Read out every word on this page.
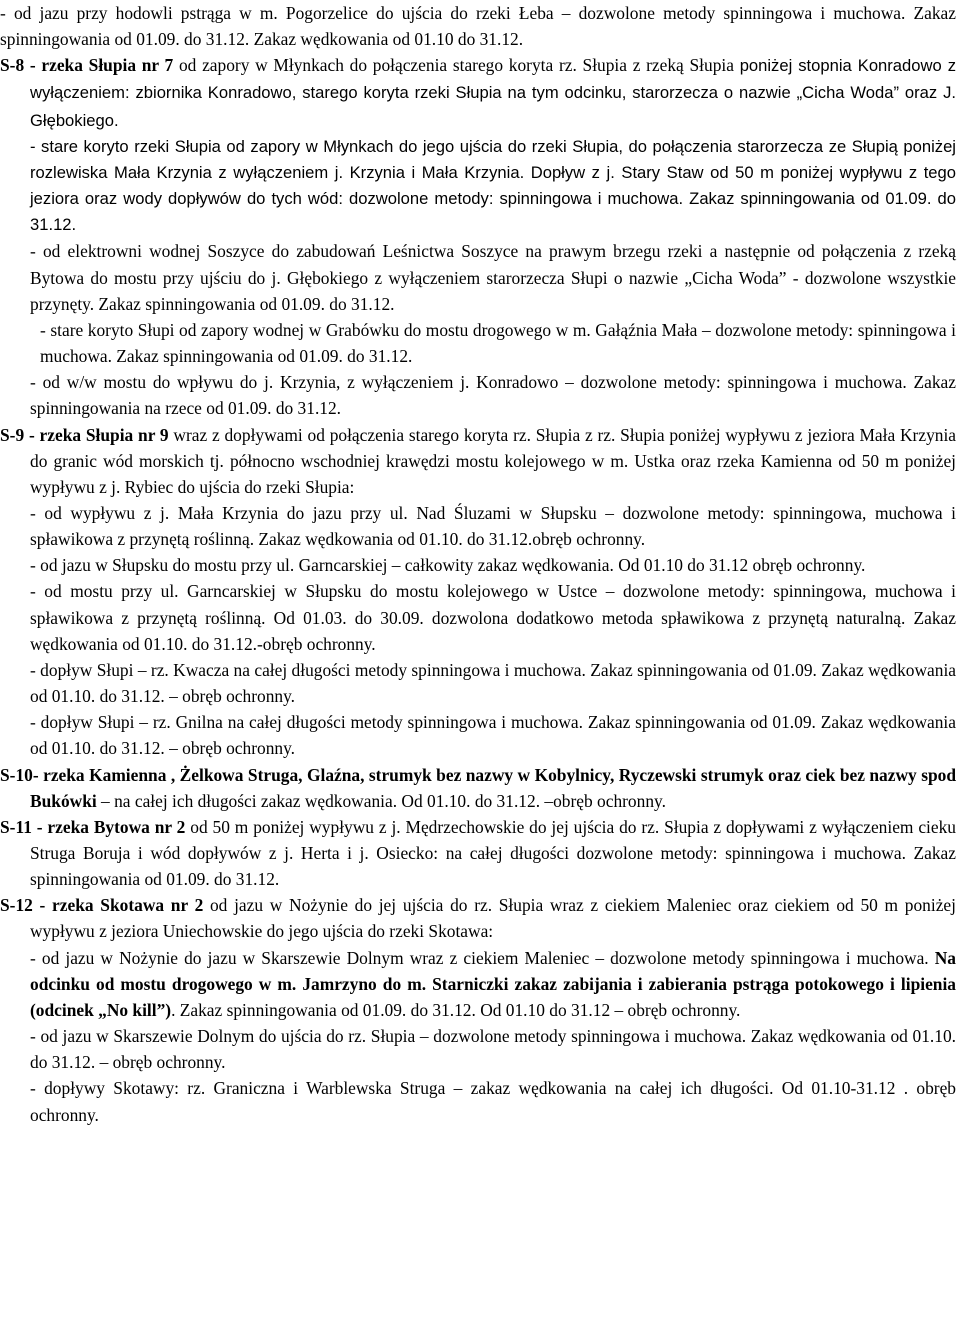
- od jazu przy hodowli pstrąga w m. Pogorzelice do ujścia do rzeki Łeba – dozwolone metody spinningowa i muchowa. Zakaz spinningowania od 01.09. do 31.12. Zakaz wędkowania od 01.10 do 31.12.

S-8 - rzeka Słupia nr 7 od zapory w Młynkach do połączenia starego koryta rz. Słupia z rzeką Słupia poniżej stopnia Konradowo z wyłączeniem: zbiornika Konradowo, starego koryta rzeki Słupia na tym odcinku, starorzecza o nazwie „Cicha Woda” oraz J. Głębokiego.

- stare koryto rzeki Słupia od zapory w Młynkach do jego ujścia do rzeki Słupia, do połączenia starorzecza ze Słupią poniżej rozlewiska Mała Krzynia z wyłączeniem j. Krzynia i Mała Krzynia. Dopływ z j. Stary Staw od 50 m poniżej wypływu z tego jeziora oraz wody dopływów do tych wód: dozwolone metody: spinningowa i muchowa. Zakaz spinningowania od 01.09. do 31.12.

- od elektrowni wodnej Soszyce do zabudowań Leśnictwa Soszyce na prawym brzegu rzeki a następnie od połączenia z rzeką Bytowa do mostu przy ujściu do j. Głębokiego z wyłączeniem starorzecza Słupi o nazwie „Cicha Woda” - dozwolone wszystkie przynęty. Zakaz spinningowania od 01.09. do 31.12.

- stare koryto Słupi od zapory wodnej w Grabówku do mostu drogowego w m. Gałąźnia Mała – dozwolone metody: spinningowa i muchowa. Zakaz spinningowania od 01.09. do 31.12.

- od w/w mostu do wpływu do j. Krzynia, z wyłączeniem j. Konradowo – dozwolone metody: spinningowa i muchowa. Zakaz spinningowania na rzece od 01.09. do 31.12.

S-9 - rzeka Słupia nr 9 wraz z dopływami od połączenia starego koryta rz. Słupia z rz. Słupia poniżej wypływu z jeziora Mała Krzynia do granic wód morskich tj. północno wschodniej krawędzi mostu kolejowego w m. Ustka oraz rzeka Kamienna od 50 m poniżej wypływu z j. Rybiec do ujścia do rzeki Słupia:

- od wypływu z j. Mała Krzynia do jazu przy ul. Nad Śluzami w Słupsku – dozwolone metody: spinningowa, muchowa i spławikowa z przynętą roślinną. Zakaz wędkowania od 01.10. do 31.12.obręb ochronny.

- od jazu w Słupsku do mostu przy ul. Garncarskiej – całkowity zakaz wędkowania. Od 01.10 do 31.12 obręb ochronny.

- od mostu przy ul. Garncarskiej w Słupsku do mostu kolejowego w Ustce – dozwolone metody: spinningowa, muchowa i spławikowa z przynętą roślinną. Od 01.03. do 30.09. dozwolona dodatkowo metoda spławikowa z przynętą naturalną. Zakaz wędkowania od 01.10. do 31.12.-obręb ochronny.

- dopływ Słupi – rz. Kwacza na całej długości metody spinningowa i muchowa. Zakaz spinningowania od 01.09. Zakaz wędkowania od 01.10. do 31.12. – obręb ochronny.

- dopływ Słupi – rz. Gnilna na całej długości metody spinningowa i muchowa. Zakaz spinningowania od 01.09. Zakaz wędkowania od 01.10. do 31.12. – obręb ochronny.

S-10- rzeka Kamienna , Żelkowa Struga, Glaźna, strumyk bez nazwy w Kobylnicy, Ryczewski strumyk oraz ciek bez nazwy spod Bukówki – na całej ich długości zakaz wędkowania. Od 01.10. do 31.12. –obręb ochronny.

S-11 - rzeka Bytowa nr 2 od 50 m poniżej wypływu z j. Mędrzechowskie do jej ujścia do rz. Słupia z dopływami z wyłączeniem cieku Struga Boruja i wód dopływów z j. Herta i j. Osiecko: na całej długości dozwolone metody: spinningowa i muchowa. Zakaz spinningowania od 01.09. do 31.12.

S-12 - rzeka Skotawa nr 2 od jazu w Nożynie do jej ujścia do rz. Słupia wraz z ciekiem Maleniec oraz ciekiem od 50 m poniżej wypływu z jeziora Uniechowskie do jego ujścia do rzeki Skotawa:

- od jazu w Nożynie do jazu w Skarszewie Dolnym wraz z ciekiem Maleniec – dozwolone metody spinningowa i muchowa. Na odcinku od mostu drogowego w m. Jamrzyno do m. Starniczki zakaz zabijania i zabierania pstrąga potokowego i lipienia (odcinek „No kill”). Zakaz spinningowania od 01.09. do 31.12. Od 01.10 do 31.12 – obręb ochronny.

- od jazu w Skarszewie Dolnym do ujścia do rz. Słupia – dozwolone metody spinningowa i muchowa. Zakaz wędkowania od 01.10. do 31.12. – obręb ochronny.

- dopływy Skotawy: rz. Graniczna i Warblewska Struga – zakaz wędkowania na całej ich długości. Od 01.10-31.12 . obręb ochronny.
